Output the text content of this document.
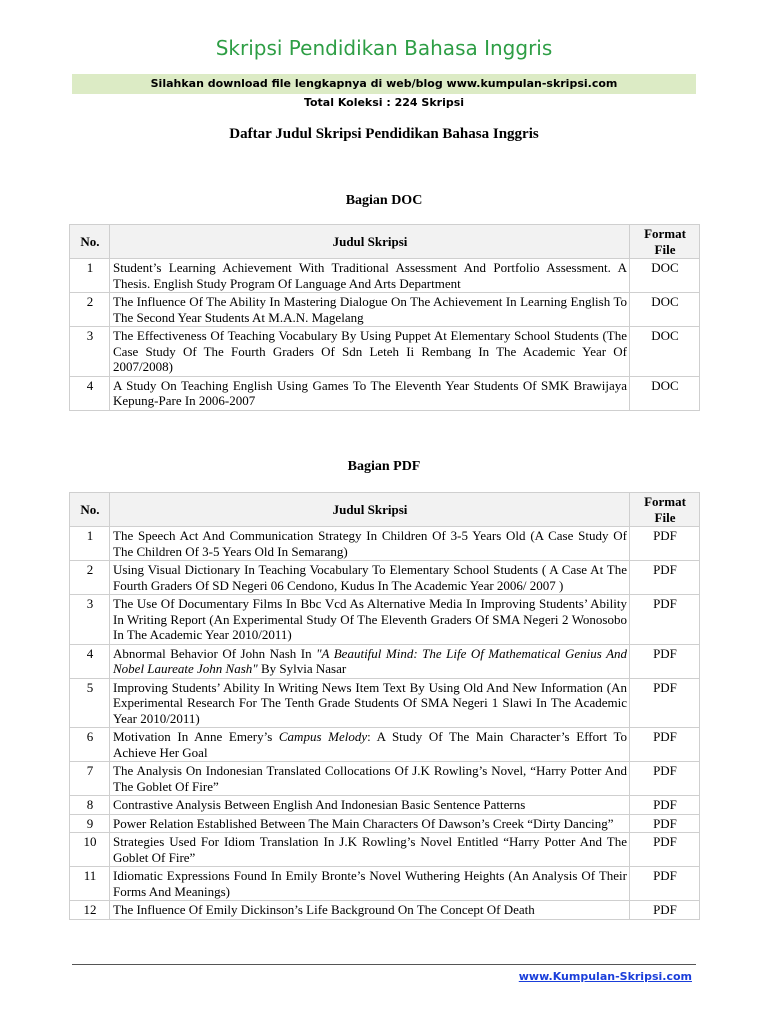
Skripsi Pendidikan Bahasa Inggris
Silahkan download file lengkapnya di web/blog www.kumpulan-skripsi.com
Total Koleksi : 224 Skripsi
Daftar Judul Skripsi Pendidikan Bahasa Inggris
Bagian DOC
No.	Judul Skripsi	Format
File
1	Student’s Learning Achievement With Traditional Assessment And Portfolio Assessment. A Thesis. English Study Program Of Language And Arts Department	DOC
2	The Influence Of The Ability In Mastering Dialogue On The Achievement In Learning English To The Second Year Students At M.A.N. Magelang	DOC
3	The Effectiveness Of Teaching Vocabulary By Using Puppet At Elementary School Students (The Case Study Of The Fourth Graders Of Sdn Leteh Ii Rembang In The Academic Year Of 2007/2008)	DOC
4	A Study On Teaching English Using Games To The Eleventh Year Students Of SMK Brawijaya Kepung-Pare In 2006-2007	DOC
Bagian PDF
No.	Judul Skripsi	Format
File
1	The Speech Act And Communication Strategy In Children Of 3-5 Years Old (A Case Study Of The Children Of 3-5 Years Old In Semarang)	PDF
2	Using Visual Dictionary In Teaching Vocabulary To Elementary School Students ( A Case At The Fourth Graders Of SD Negeri 06 Cendono, Kudus In The Academic Year 2006/ 2007 )	PDF
3	The Use Of Documentary Films In Bbc Vcd As Alternative Media In Improving Students’ Ability In Writing Report (An Experimental Study Of The Eleventh Graders Of SMA Negeri 2 Wonosobo In The Academic Year 2010/2011)	PDF
4	Abnormal Behavior Of John Nash In "A Beautiful Mind: The Life Of Mathematical Genius And Nobel Laureate John Nash" By Sylvia Nasar	PDF
5	Improving Students’ Ability In Writing News Item Text By Using Old And New Information (An Experimental Research For The Tenth Grade Students Of SMA Negeri 1 Slawi In The Academic Year 2010/2011)	PDF
6	Motivation In Anne Emery’s Campus Melody: A Study Of The Main Character’s Effort To Achieve Her Goal	PDF
7	The Analysis On Indonesian Translated Collocations Of J.K Rowling’s Novel, “Harry Potter And The Goblet Of Fire”	PDF
8	Contrastive Analysis Between English And Indonesian Basic Sentence Patterns	PDF
9	Power Relation Established Between The Main Characters Of Dawson’s Creek “Dirty Dancing”	PDF
10	Strategies Used For Idiom Translation In J.K Rowling’s Novel Entitled “Harry Potter And The Goblet Of Fire”	PDF
11	Idiomatic Expressions Found In Emily Bronte’s Novel Wuthering Heights (An Analysis Of Their Forms And Meanings)	PDF
12	The Influence Of Emily Dickinson’s Life Background On The Concept Of Death	PDF
www.Kumpulan-Skripsi.com
